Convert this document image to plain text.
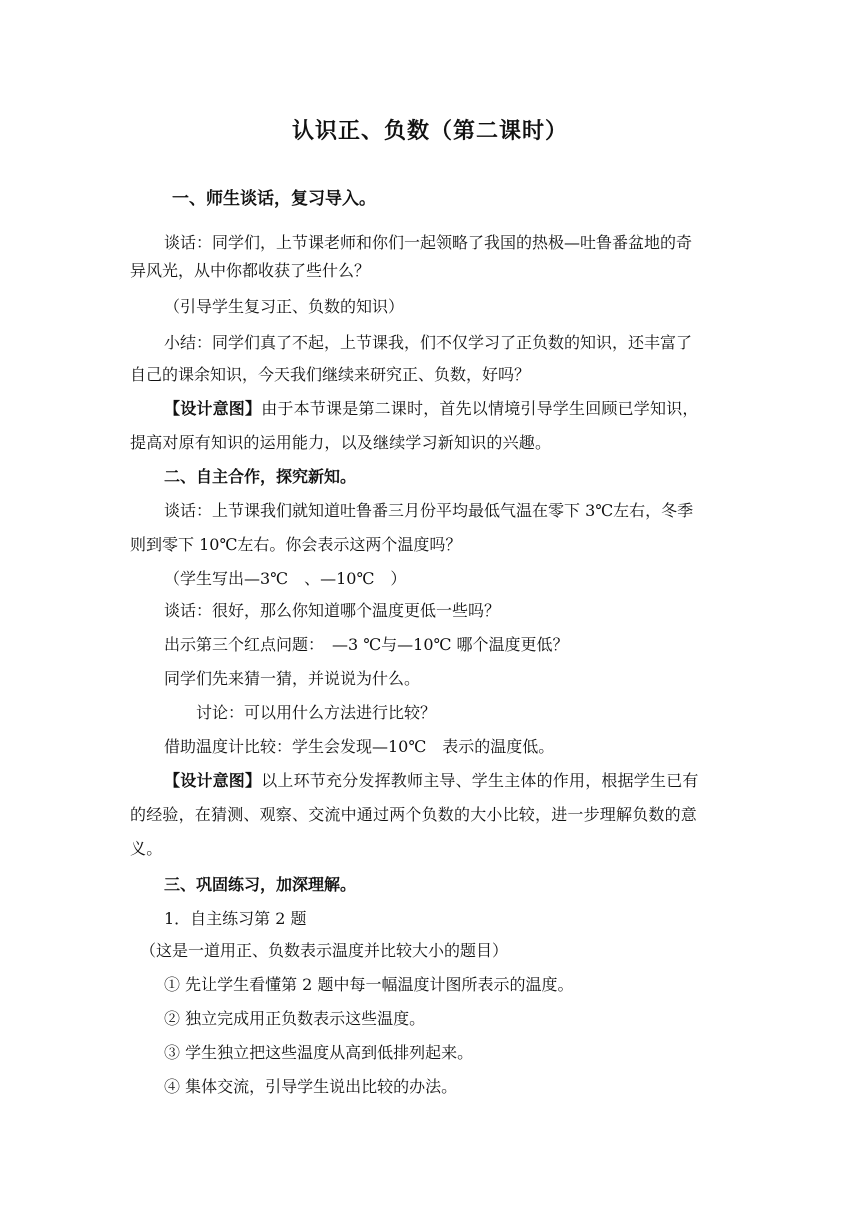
认识正、负数（第二课时）
一、师生谈话，复习导入。
谈话：同学们，上节课老师和你们一起领略了我国的热极—吐鲁番盆地的奇
异风光，从中你都收获了些什么？
（引导学生复习正、负数的知识）
小结：同学们真了不起，上节课我，们不仅学习了正负数的知识，还丰富了
自己的课余知识，今天我们继续来研究正、负数，好吗？
【设计意图】由于本节课是第二课时，首先以情境引导学生回顾已学知识，
提高对原有知识的运用能力，以及继续学习新知识的兴趣。
二、自主合作，探究新知。
谈话：上节课我们就知道吐鲁番三月份平均最低气温在零下 3℃左右，冬季
则到零下 10℃左右。你会表示这两个温度吗？
（学生写出—3℃　、—10℃　）
谈话：很好，那么你知道哪个温度更低一些吗？
出示第三个红点问题：　—3 ℃与—10℃ 哪个温度更低？
同学们先来猜一猜，并说说为什么。
讨论：可以用什么方法进行比较？
借助温度计比较：学生会发现—10℃　表示的温度低。
【设计意图】以上环节充分发挥教师主导、学生主体的作用，根据学生已有
的经验，在猜测、观察、交流中通过两个负数的大小比较，进一步理解负数的意
义。
三、巩固练习，加深理解。
1．自主练习第 2 题
（这是一道用正、负数表示温度并比较大小的题目）
① 先让学生看懂第 2 题中每一幅温度计图所表示的温度。
② 独立完成用正负数表示这些温度。
③ 学生独立把这些温度从高到低排列起来。
④ 集体交流，引导学生说出比较的办法。
